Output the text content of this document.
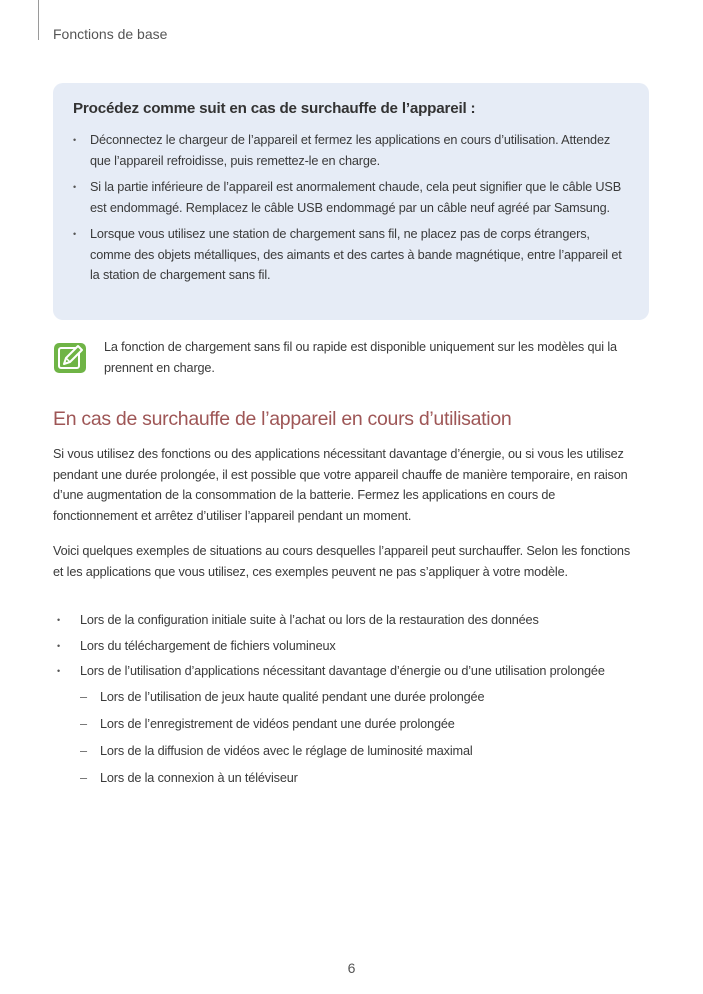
Fonctions de base
Procédez comme suit en cas de surchauffe de l’appareil :
• Déconnectez le chargeur de l’appareil et fermez les applications en cours d’utilisation. Attendez que l’appareil refroidisse, puis remettez-le en charge.
• Si la partie inférieure de l’appareil est anormalement chaude, cela peut signifier que le câble USB est endommagé. Remplacez le câble USB endommagé par un câble neuf agréé par Samsung.
• Lorsque vous utilisez une station de chargement sans fil, ne placez pas de corps étrangers, comme des objets métalliques, des aimants et des cartes à bande magnétique, entre l’appareil et la station de chargement sans fil.
La fonction de chargement sans fil ou rapide est disponible uniquement sur les modèles qui la prennent en charge.
En cas de surchauffe de l’appareil en cours d’utilisation

Si vous utilisez des fonctions ou des applications nécessitant davantage d’énergie, ou si vous les utilisez pendant une durée prolongée, il est possible que votre appareil chauffe de manière temporaire, en raison d’une augmentation de la consommation de la batterie. Fermez les applications en cours de fonctionnement et arrêtez d’utiliser l’appareil pendant un moment.

Voici quelques exemples de situations au cours desquelles l’appareil peut surchauffer. Selon les fonctions et les applications que vous utilisez, ces exemples peuvent ne pas s’appliquer à votre modèle.

• Lors de la configuration initiale suite à l’achat ou lors de la restauration des données
• Lors du téléchargement de fichiers volumineux
• Lors de l’utilisation d’applications nécessitant davantage d’énergie ou d’une utilisation prolongée
– Lors de l’utilisation de jeux haute qualité pendant une durée prolongée
– Lors de l’enregistrement de vidéos pendant une durée prolongée
– Lors de la diffusion de vidéos avec le réglage de luminosité maximal
– Lors de la connexion à un téléviseur
6
